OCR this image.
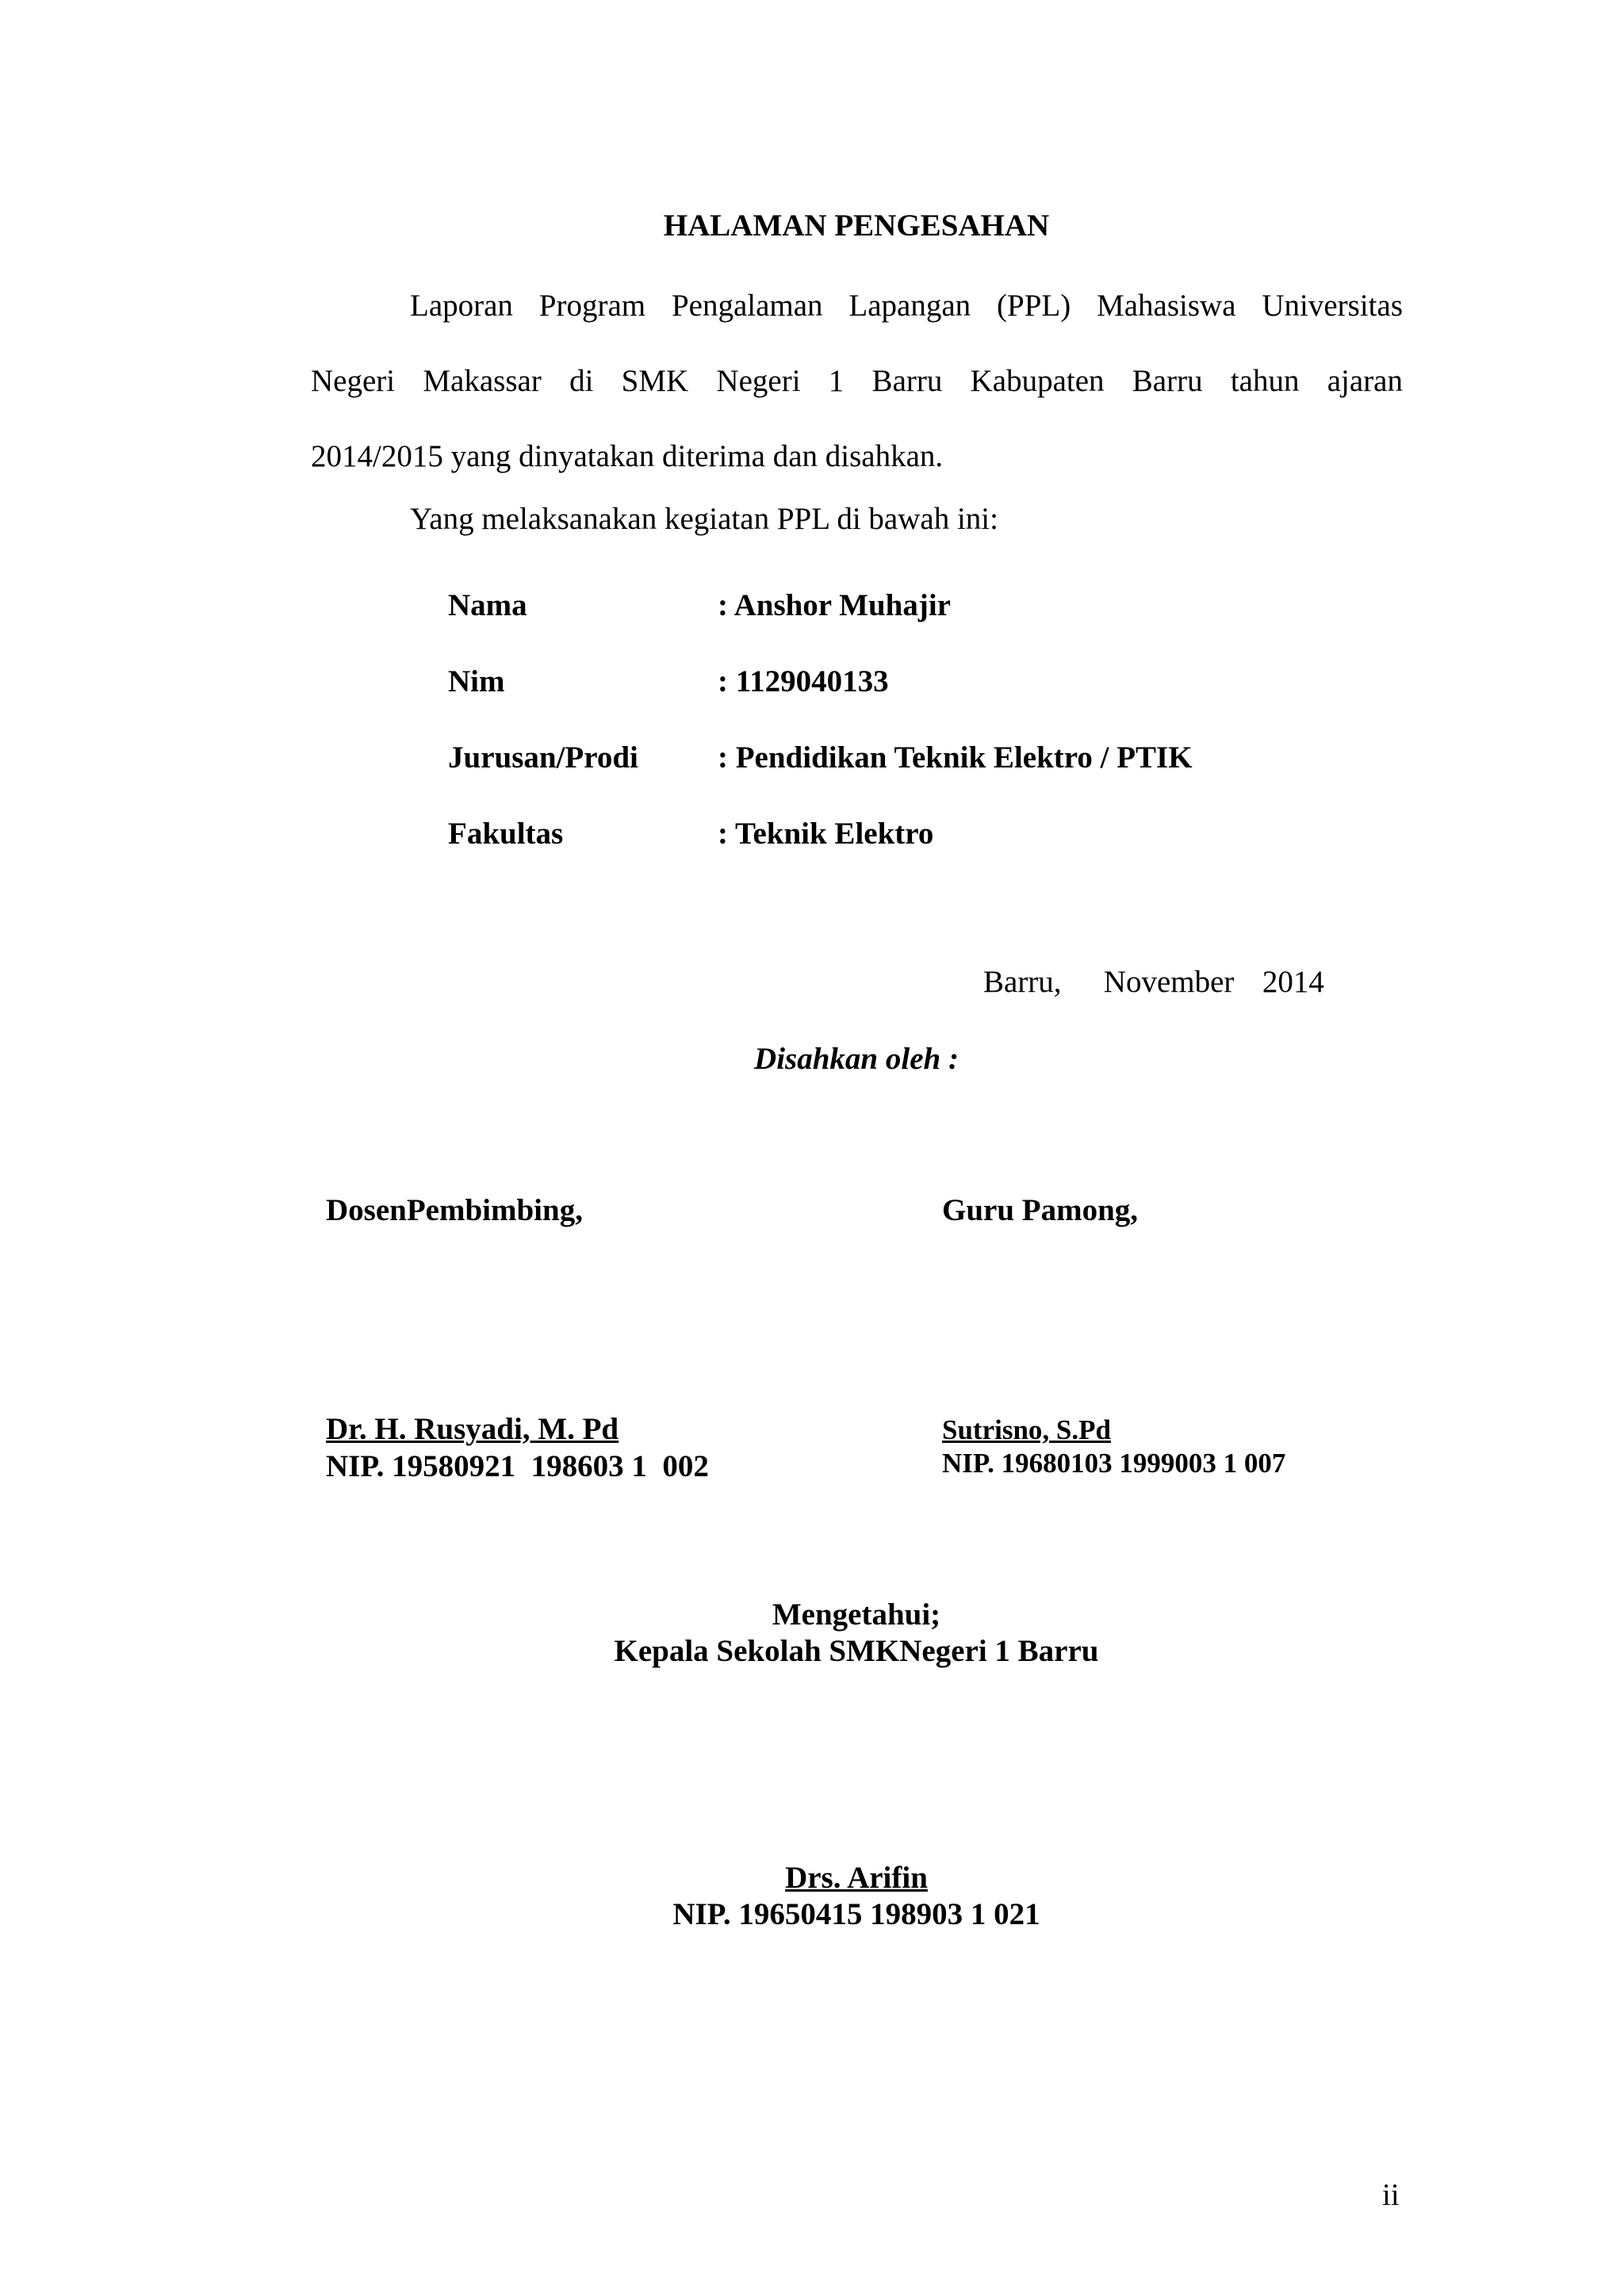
HALAMAN PENGESAHAN
Laporan Program Pengalaman Lapangan (PPL) Mahasiswa Universitas
Negeri Makassar di SMK Negeri 1 Barru Kabupaten Barru tahun ajaran
2014/2015 yang dinyatakan diterima dan disahkan.
Yang melaksanakan kegiatan PPL di bawah ini:
Nama	: Anshor Muhajir
Nim	: 1129040133
Jurusan/Prodi	: Pendidikan Teknik Elektro / PTIK
Fakultas	: Teknik Elektro
Barru,   November  2014
Disahkan oleh :
DosenPembimbing,	Guru Pamong,
Dr. H. Rusyadi, M. Pd
NIP. 19580921  198603 1  002
Sutrisno, S.Pd
NIP. 19680103 1999003 1 007
Mengetahui;
Kepala Sekolah SMKNegeri 1 Barru
Drs. Arifin
NIP. 19650415 198903 1 021
ii
